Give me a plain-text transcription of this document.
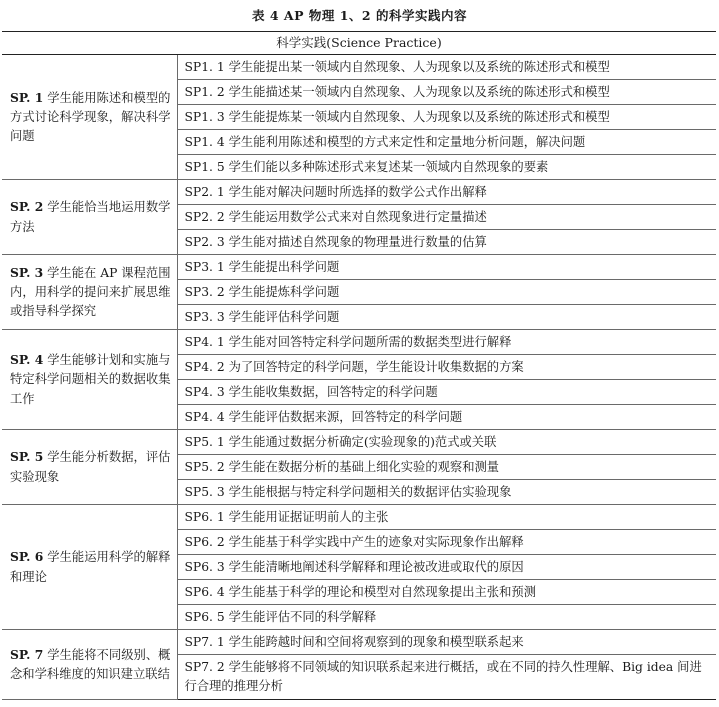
表 4 AP 物理 1、2 的科学实践内容
科学实践(Science Practice)	
SP. 1 学生能用陈述和模型的方式讨论科学现象，解决科学问题	SP1. 1 学生能提出某一领域内自然现象、人为现象以及系统的陈述形式和模型
	SP1. 2 学生能描述某一领域内自然现象、人为现象以及系统的陈述形式和模型
	SP1. 3 学生能提炼某一领域内自然现象、人为现象以及系统的陈述形式和模型
	SP1. 4 学生能利用陈述和模型的方式来定性和定量地分析问题，解决问题
	SP1. 5 学生们能以多种陈述形式来复述某一领域内自然现象的要素
SP. 2 学生能恰当地运用数学方法	SP2. 1 学生能对解决问题时所选择的数学公式作出解释
	SP2. 2 学生能运用数学公式来对自然现象进行定量描述
	SP2. 3 学生能对描述自然现象的物理量进行数量的估算
SP. 3 学生能在 AP 课程范围内，用科学的提问来扩展思维或指导科学探究	SP3. 1 学生能提出科学问题
	SP3. 2 学生能提炼科学问题
	SP3. 3 学生能评估科学问题
SP. 4 学生能够计划和实施与特定科学问题相关的数据收集工作	SP4. 1 学生能对回答特定科学问题所需的数据类型进行解释
	SP4. 2 为了回答特定的科学问题，学生能设计收集数据的方案
	SP4. 3 学生能收集数据，回答特定的科学问题
	SP4. 4 学生能评估数据来源，回答特定的科学问题
SP. 5 学生能分析数据，评估实验现象	SP5. 1 学生能通过数据分析确定(实验现象的)范式或关联
	SP5. 2 学生能在数据分析的基础上细化实验的观察和测量
	SP5. 3 学生能根据与特定科学问题相关的数据评估实验现象
SP. 6 学生能运用科学的解释和理论	SP6. 1 学生能用证据证明前人的主张
	SP6. 2 学生能基于科学实践中产生的迹象对实际现象作出解释
	SP6. 3 学生能清晰地阐述科学解释和理论被改进或取代的原因
	SP6. 4 学生能基于科学的理论和模型对自然现象提出主张和预测
	SP6. 5 学生能评估不同的科学解释
SP. 7 学生能将不同级别、概念和学科维度的知识建立联结	SP7. 1 学生能跨越时间和空间将观察到的现象和模型联系起来
	SP7. 2 学生能够将不同领域的知识联系起来进行概括，或在不同的持久性理解、Big idea 间进行合理的推理分析
